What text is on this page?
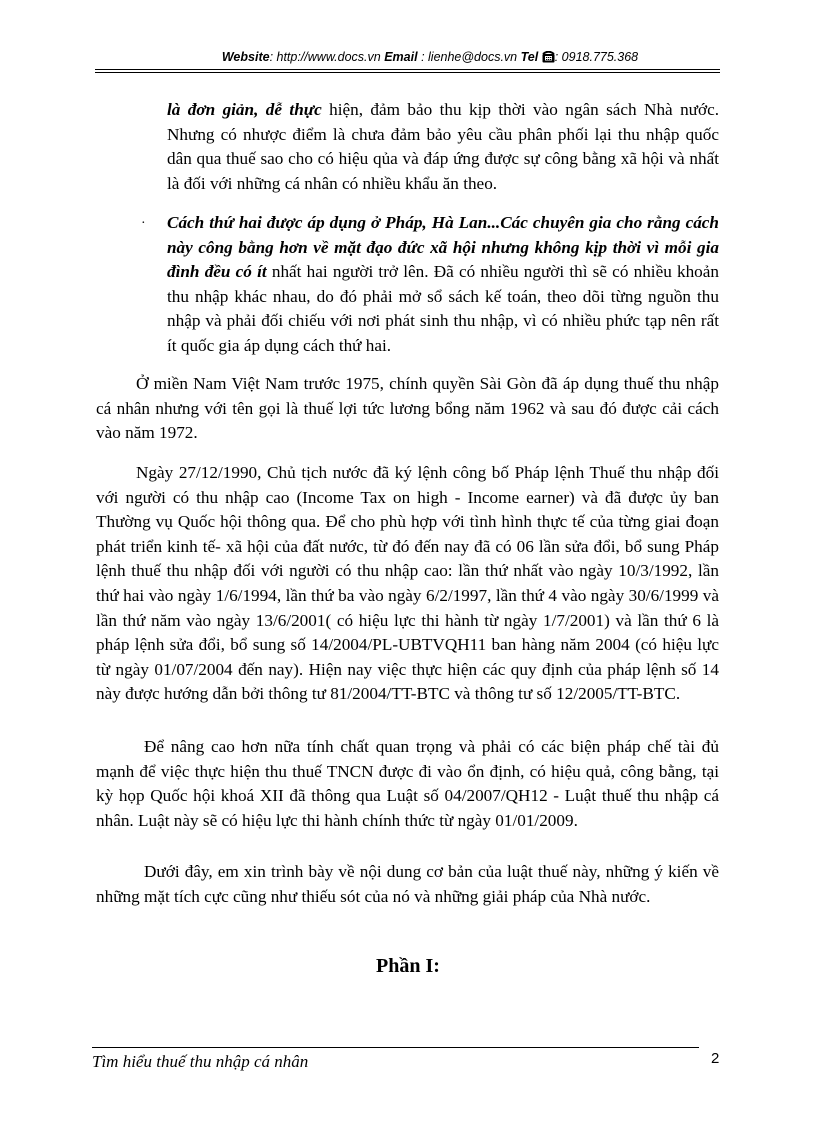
Website: http://www.docs.vn Email : lienhe@docs.vn Tel : 0918.775.368
là đơn giản, dễ thực hiện, đảm bảo thu kịp thời vào ngân sách Nhà nước. Nhưng có nhược điểm là chưa đảm bảo yêu cầu phân phối lại thu nhập quốc dân qua thuế sao cho có hiệu qủa và đáp ứng được sự công bằng xã hội và nhất là đối với những cá nhân có nhiều khẩu ăn theo.
· Cách thứ hai được áp dụng ở Pháp, Hà Lan...Các chuyên gia cho rằng cách này công bằng hơn về mặt đạo đức xã hội nhưng không kịp thời vì mỗi gia đình đều có ít nhất hai người trở lên. Đã có nhiều người thì sẽ có nhiều khoản thu nhập khác nhau, do đó phải mở sổ sách kế toán, theo dõi từng nguồn thu nhập và phải đối chiếu với nơi phát sinh thu nhập, vì có nhiều phức tạp nên rất ít quốc gia áp dụng cách thứ hai.
Ở miền Nam Việt Nam trước 1975, chính quyền Sài Gòn đã áp dụng thuế thu nhập cá nhân nhưng với tên gọi là thuế lợi tức lương bổng năm 1962 và sau đó được cải cách vào năm 1972.
Ngày 27/12/1990, Chủ tịch nước đã ký lệnh công bố Pháp lệnh Thuế thu nhập đối với người có thu nhập cao (Income Tax on high - Income earner) và đã được ủy ban Thường vụ Quốc hội thông qua. Để cho phù hợp với tình hình thực tế của từng giai đoạn phát triển kinh tế- xã hội của đất nước, từ đó đến nay đã có 06 lần sửa đổi, bổ sung Pháp lệnh thuế thu nhập đối với người có thu nhập cao: lần thứ nhất vào ngày 10/3/1992, lần thứ hai vào ngày 1/6/1994, lần thứ ba vào ngày 6/2/1997, lần thứ 4 vào ngày 30/6/1999 và lần thứ năm vào ngày 13/6/2001( có hiệu lực thi hành từ ngày 1/7/2001) và lần thứ 6 là pháp lệnh sửa đổi, bổ sung số 14/2004/PL-UBTVQH11 ban hàng năm 2004 (có hiệu lực từ ngày 01/07/2004 đến nay). Hiện nay việc thực hiện các quy định của pháp lệnh số 14 này được hướng dẫn bởi thông tư 81/2004/TT-BTC và thông tư số 12/2005/TT-BTC.
Để nâng cao hơn nữa tính chất quan trọng và phải có các biện pháp chế tài đủ mạnh để việc thực hiện thu thuế TNCN được đi vào ổn định, có hiệu quả, công bằng, tại kỳ họp Quốc hội khoá XII đã thông qua Luật số 04/2007/QH12 - Luật thuế thu nhập cá nhân. Luật này sẽ có hiệu lực thi hành chính thức từ ngày 01/01/2009.
Dưới đây, em xin trình bày về nội dung cơ bản của luật thuế này, những ý kiến về những mặt tích cực cũng như thiếu sót của nó và những giải pháp của Nhà nước.
Phần I:
Tìm hiểu thuế thu nhập cá nhân	2
